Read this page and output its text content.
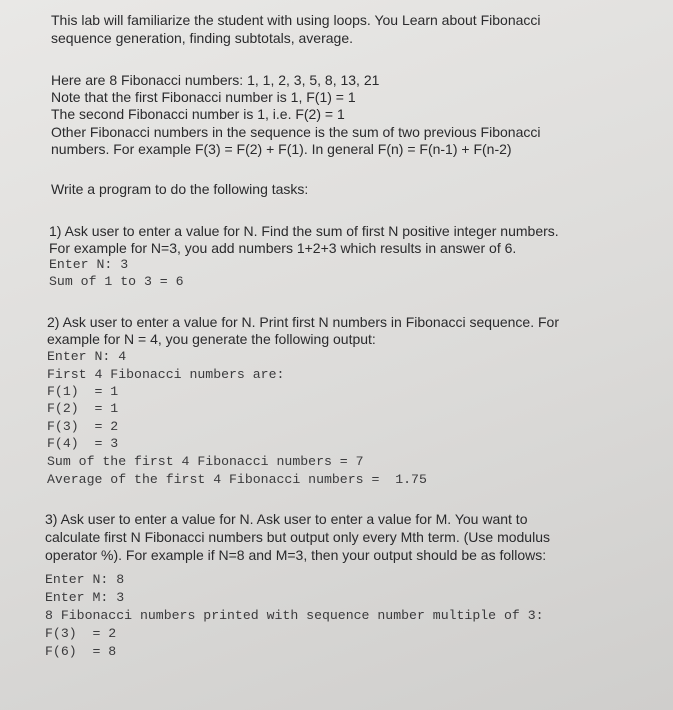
This lab will familiarize the student with using loops. You Learn about Fibonacci

sequence generation, finding subtotals, average.

Here are 8 Fibonacci numbers: 1, 1, 2, 3, 5, 8, 13, 21

Note that the first Fibonacci number is 1, F(1) = 1

The second Fibonacci number is 1, i.e. F(2) = 1

Other Fibonacci numbers in the sequence is the sum of two previous Fibonacci

numbers. For example F(3) = F(2) + F(1). In general F(n) = F(n-1) + F(n-2)

Write a program to do the following tasks:

1) Ask user to enter a value for N. Find the sum of first N positive integer numbers.

For example for N=3, you add numbers 1+2+3 which results in answer of 6.

Enter N: 3

Sum of 1 to 3 = 6

2) Ask user to enter a value for N. Print first N numbers in Fibonacci sequence. For

example for N = 4, you generate the following output:

Enter N: 4

First 4 Fibonacci numbers are:

F(1)  = 1

F(2)  = 1

F(3)  = 2

F(4)  = 3

Sum of the first 4 Fibonacci numbers = 7

Average of the first 4 Fibonacci numbers =  1.75

3) Ask user to enter a value for N. Ask user to enter a value for M. You want to

calculate first N Fibonacci numbers but output only every Mth term. (Use modulus

operator %). For example if N=8 and M=3, then your output should be as follows:

Enter N: 8

Enter M: 3

8 Fibonacci numbers printed with sequence number multiple of 3:

F(3)  = 2

F(6)  = 8
